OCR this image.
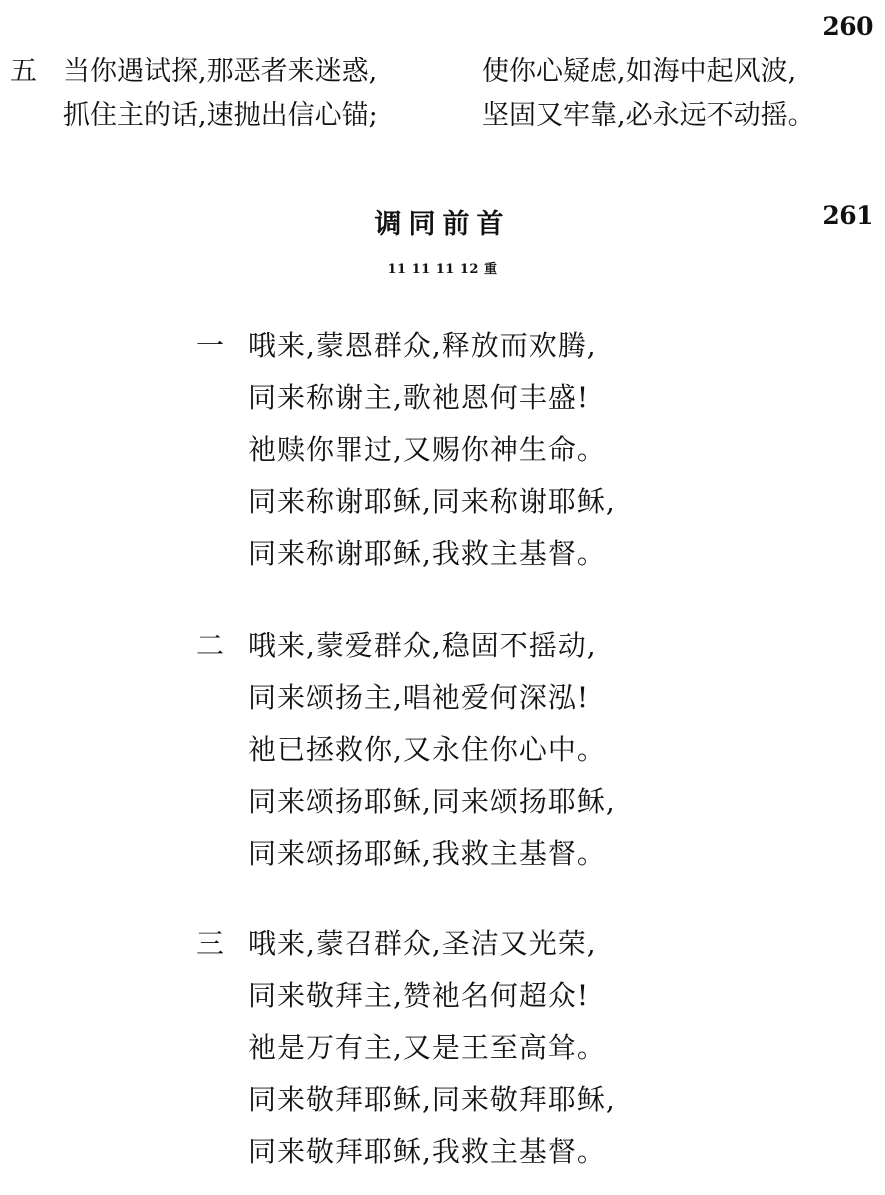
260
五 当你遇试探,那恶者来迷惑,	使你心疑虑,如海中起风波,
抓住主的话,速抛出信心锚;	坚固又牢靠,必永远不动摇。
调同前首	261
11 11 11 12 重
一 哦来,蒙恩群众,释放而欢腾,
同来称谢主,歌祂恩何丰盛!
祂赎你罪过,又赐你神生命。
同来称谢耶稣,同来称谢耶稣,
同来称谢耶稣,我救主基督。
二 哦来,蒙爱群众,稳固不摇动,
同来颂扬主,唱祂爱何深泓!
祂已拯救你,又永住你心中。
同来颂扬耶稣,同来颂扬耶稣,
同来颂扬耶稣,我救主基督。
三 哦来,蒙召群众,圣洁又光荣,
同来敬拜主,赞祂名何超众!
祂是万有主,又是王至高耸。
同来敬拜耶稣,同来敬拜耶稣,
同来敬拜耶稣,我救主基督。
